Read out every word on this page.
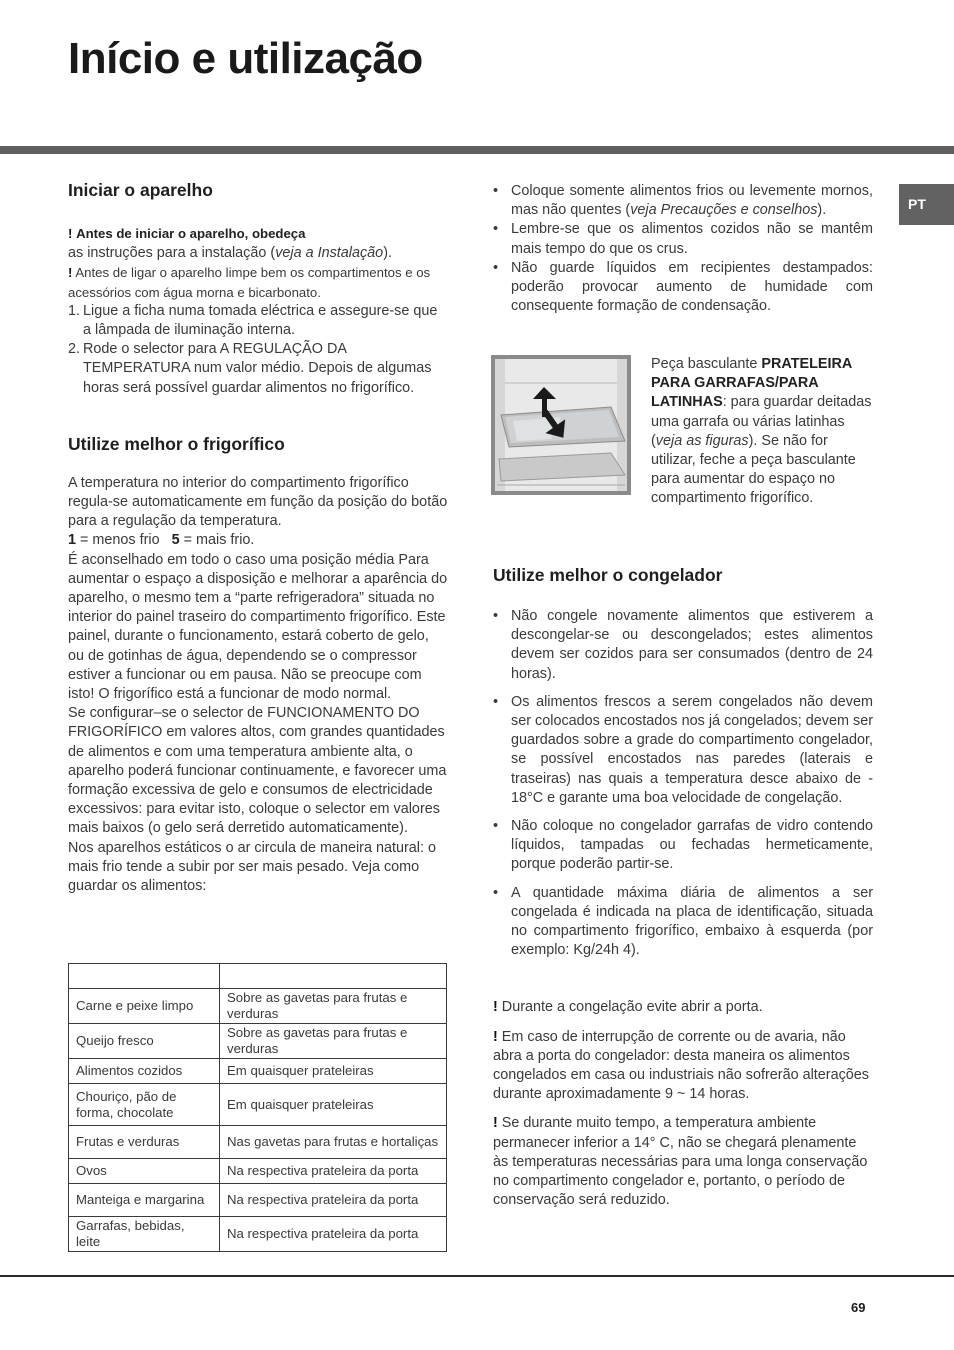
Início e utilização
PT
Iniciar o aparelho

! Antes de iniciar o aparelho, obedeça
as instruções para a instalação (veja a Instalação).

! Antes de ligar o aparelho limpe bem os compartimentos e os acessórios com água morna e bicarbonato.

1. Ligue a ficha numa tomada eléctrica e assegure-se que a lâmpada de iluminação interna.
2. Rode o selector para A REGULAÇÃO DA TEMPERATURA num valor médio. Depois de algumas horas será possível guardar alimentos no frigorífico.
Utilize melhor o frigorífico

A temperatura no interior do compartimento frigorífico regula-se automaticamente em função da posição do botão para a regulação da temperatura.

1 = menos frio 5 = mais frio.

É aconselhado em todo o caso uma posição média Para aumentar o espaço a disposição e melhorar a aparência do aparelho, o mesmo tem a “parte refrigeradora” situada no interior do painel traseiro do compartimento frigorífico. Este painel, durante o funcionamento, estará coberto de gelo, ou de gotinhas de água, dependendo se o compressor estiver a funcionar ou em pausa. Não se preocupe com isto! O frigorífico está a funcionar de modo normal.

Se configurar–se o selector de FUNCIONAMENTO DO FRIGORÍFICO em valores altos, com grandes quantidades de alimentos e com uma temperatura ambiente alta, o aparelho poderá funcionar continuamente, e favorecer uma formação excessiva de gelo e consumos de electricidade excessivos: para evitar isto, coloque o selector em valores mais baixos (o gelo será derretido automaticamente).

Nos aparelhos estáticos o ar circula de maneira natural: o mais frio tende a subir por ser mais pesado. Veja como guardar os alimentos:

Carne e peixe limpo	Sobre as gavetas para frutas e verduras
Queijo fresco	Sobre as gavetas para frutas e verduras
Alimentos cozidos	Em quaisquer prateleiras
Chouriço, pão de forma, chocolate	Em quaisquer prateleiras
Frutas e verduras	Nas gavetas para frutas e hortaliças
Ovos	Na respectiva prateleira da porta
Manteiga e margarina	Na respectiva prateleira da porta
Garrafas, bebidas, leite	Na respectiva prateleira da porta
• Coloque somente alimentos frios ou levemente mornos, mas não quentes (veja Precauções e conselhos).
• Lembre-se que os alimentos cozidos não se mantêm mais tempo do que os crus.
• Não guarde líquidos em recipientes destampados: poderão provocar aumento de humidade com consequente formação de condensação.

Peça basculante PRATELEIRA PARA GARRAFAS/PARA LATINHAS: para guardar deitadas uma garrafa ou várias latinhas (veja as figuras). Se não for utilizar, feche a peça basculante para aumentar do espaço no compartimento frigorífico.

Utilize melhor o congelador
• Não congele novamente alimentos que estiverem a descongelar-se ou descongelados; estes alimentos devem ser cozidos para ser consumados (dentro de 24 horas).
• Os alimentos frescos a serem congelados não devem ser colocados encostados nos já congelados; devem ser guardados sobre a grade do compartimento congelador, se possível encostados nas paredes (laterais e traseiras) nas quais a temperatura desce abaixo de - 18°C e garante uma boa velocidade de congelação.
• Não coloque no congelador garrafas de vidro contendo líquidos, tampadas ou fechadas hermeticamente, porque poderão partir-se.
• A quantidade máxima diária de alimentos a ser congelada é indicada na placa de identificação, situada no compartimento frigorífico, embaixo à esquerda (por exemplo: Kg/24h 4).

! Durante a congelação evite abrir a porta.

! Em caso de interrupção de corrente ou de avaria, não abra a porta do congelador: desta maneira os alimentos congelados em casa ou industriais não sofrerão alterações durante aproximadamente 9 ~ 14 horas.

! Se durante muito tempo, a temperatura ambiente permanecer inferior a 14° C, não se chegará plenamente às temperaturas necessárias para uma longa conservação no compartimento congelador e, portanto, o período de conservação será reduzido.

69
